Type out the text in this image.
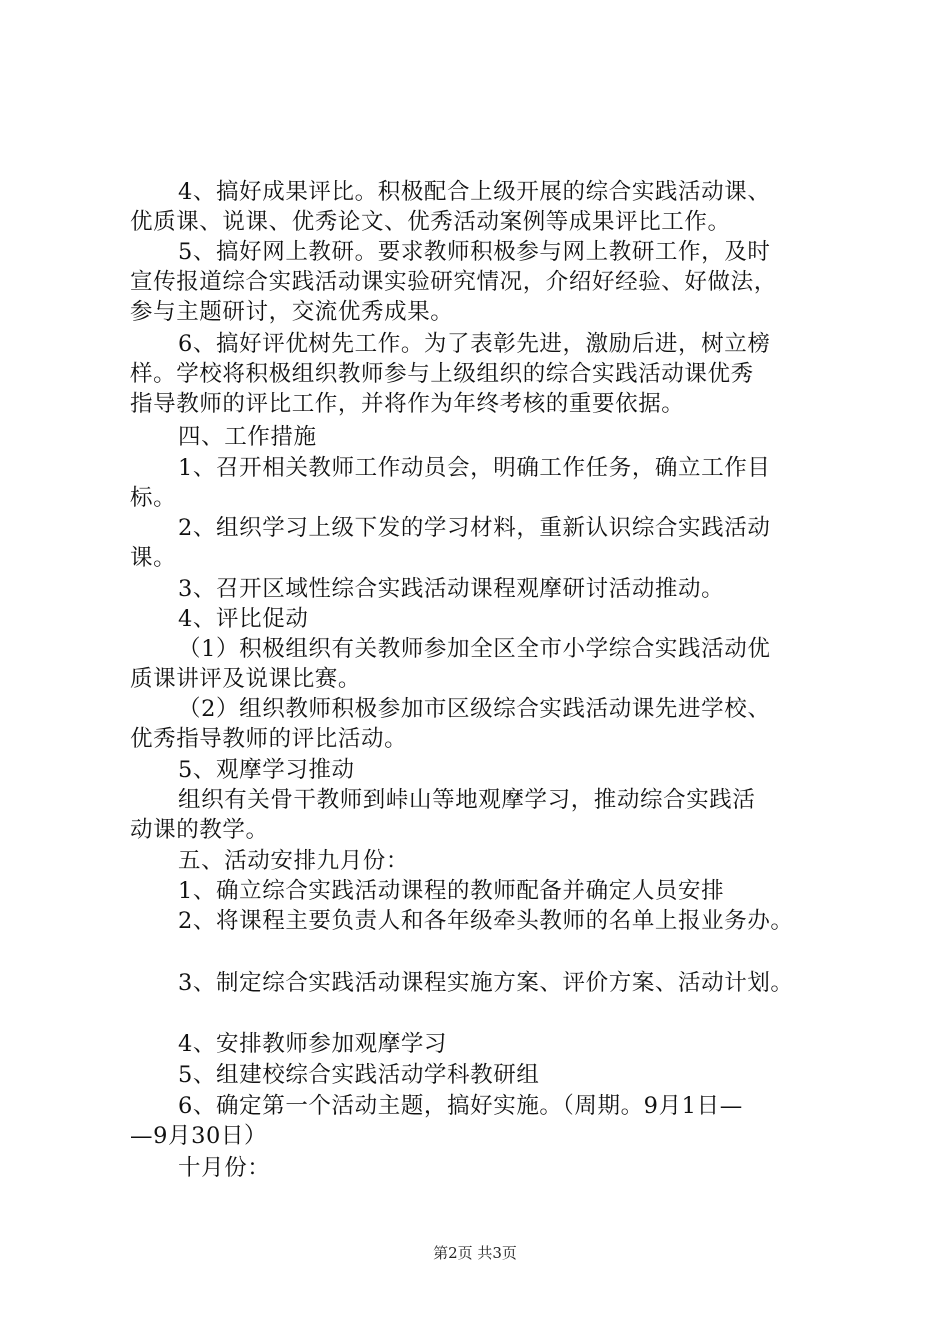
4、搞好成果评比。积极配合上级开展的综合实践活动课、
优质课、说课、优秀论文、优秀活动案例等成果评比工作。
5、搞好网上教研。要求教师积极参与网上教研工作，及时
宣传报道综合实践活动课实验研究情况，介绍好经验、好做法，
参与主题研讨，交流优秀成果。
6、搞好评优树先工作。为了表彰先进，激励后进，树立榜
样。学校将积极组织教师参与上级组织的综合实践活动课优秀
指导教师的评比工作，并将作为年终考核的重要依据。
四、工作措施
1、召开相关教师工作动员会，明确工作任务，确立工作目
标。
2、组织学习上级下发的学习材料，重新认识综合实践活动
课。
3、召开区域性综合实践活动课程观摩研讨活动推动。
4、评比促动
（1）积极组织有关教师参加全区全市小学综合实践活动优
质课讲评及说课比赛。
（2）组织教师积极参加市区级综合实践活动课先进学校、
优秀指导教师的评比活动。
5、观摩学习推动
组织有关骨干教师到峠山等地观摩学习，推动综合实践活
动课的教学。
五、活动安排九月份：
1、确立综合实践活动课程的教师配备并确定人员安排
2、将课程主要负责人和各年级牵头教师的名单上报业务办。
3、制定综合实践活动课程实施方案、评价方案、活动计划。
4、安排教师参加观摩学习
5、组建校综合实践活动学科教研组
6、确定第一个活动主题，搞好实施。（周期。9月1日—
—9月30日）
十月份：
第2页 共3页
